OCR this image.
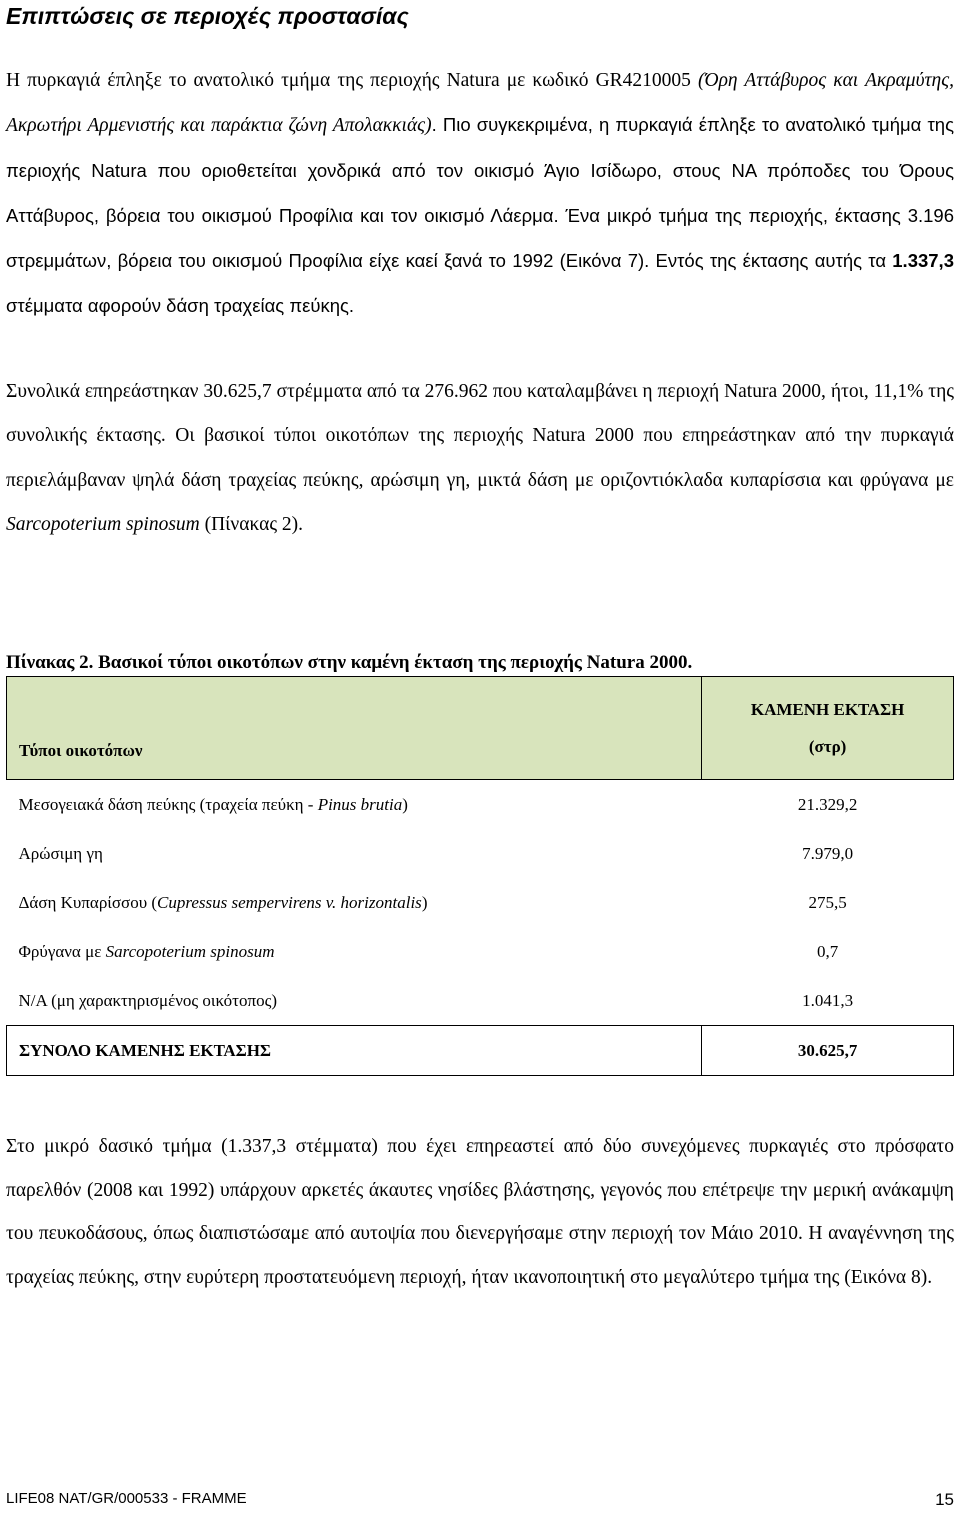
Επιπτώσεις σε περιοχές προστασίας

Η πυρκαγιά έπληξε το ανατολικό τμήμα της περιοχής Natura με κωδικό GR4210005 (Όρη Αττάβυρος και Ακραμύτης, Ακρωτήρι Αρμενιστής και παράκτια ζώνη Απολακκιάς). Πιο συγκεκριμένα, η πυρκαγιά έπληξε το ανατολικό τμήμα της περιοχής Natura που οριοθετείται χονδρικά από τον οικισμό Άγιο Ισίδωρο, στους ΝΑ πρόποδες του Όρους Αττάβυρος, βόρεια του οικισμού Προφίλια και τον οικισμό Λάερμα. Ένα μικρό τμήμα της περιοχής, έκτασης 3.196 στρεμμάτων, βόρεια του οικισμού Προφίλια είχε καεί ξανά το 1992 (Εικόνα 7). Εντός της έκτασης αυτής τα 1.337,3 στέμματα αφορούν δάση τραχείας πεύκης.

Συνολικά επηρεάστηκαν 30.625,7 στρέμματα από τα 276.962 που καταλαμβάνει η περιοχή Natura 2000, ήτοι, 11,1% της συνολικής έκτασης. Οι βασικοί τύποι οικοτόπων της περιοχής Natura 2000 που επηρεάστηκαν από την πυρκαγιά περιελάμβαναν ψηλά δάση τραχείας πεύκης, αρώσιμη γη, μικτά δάση με οριζοντιόκλαδα κυπαρίσσια και φρύγανα με Sarcopoterium spinosum (Πίνακας 2).

Πίνακας 2. Βασικοί τύποι οικοτόπων στην καμένη έκταση της περιοχής Natura 2000.

Τύποι οικοτόπων	ΚΑΜΕΝΗ ΕΚΤΑΣΗ
(στρ)
Μεσογειακά δάση πεύκης (τραχεία πεύκη - Pinus brutia)	21.329,2
Αρώσιμη γη	7.979,0
Δάση Κυπαρίσσου (Cupressus sempervirens v. horizontalis)	275,5
Φρύγανα με Sarcopoterium spinosum	0,7
N/A (μη χαρακτηρισμένος οικότοπος)	1.041,3
ΣΥΝΟΛΟ ΚΑΜΕΝΗΣ ΕΚΤΑΣΗΣ	30.625,7

Στο μικρό δασικό τμήμα (1.337,3 στέμματα) που έχει επηρεαστεί από δύο συνεχόμενες πυρκαγιές στο πρόσφατο παρελθόν (2008 και 1992) υπάρχουν αρκετές άκαυτες νησίδες βλάστησης, γεγονός που επέτρεψε την μερική ανάκαμψη του πευκοδάσους, όπως διαπιστώσαμε από αυτοψία που διενεργήσαμε στην περιοχή τον Μάιο 2010. Η αναγέννηση της τραχείας πεύκης, στην ευρύτερη προστατευόμενη περιοχή, ήταν ικανοποιητική στο μεγαλύτερο τμήμα της (Εικόνα 8).

LIFE08 NAT/GR/000533 - FRAMME	15
